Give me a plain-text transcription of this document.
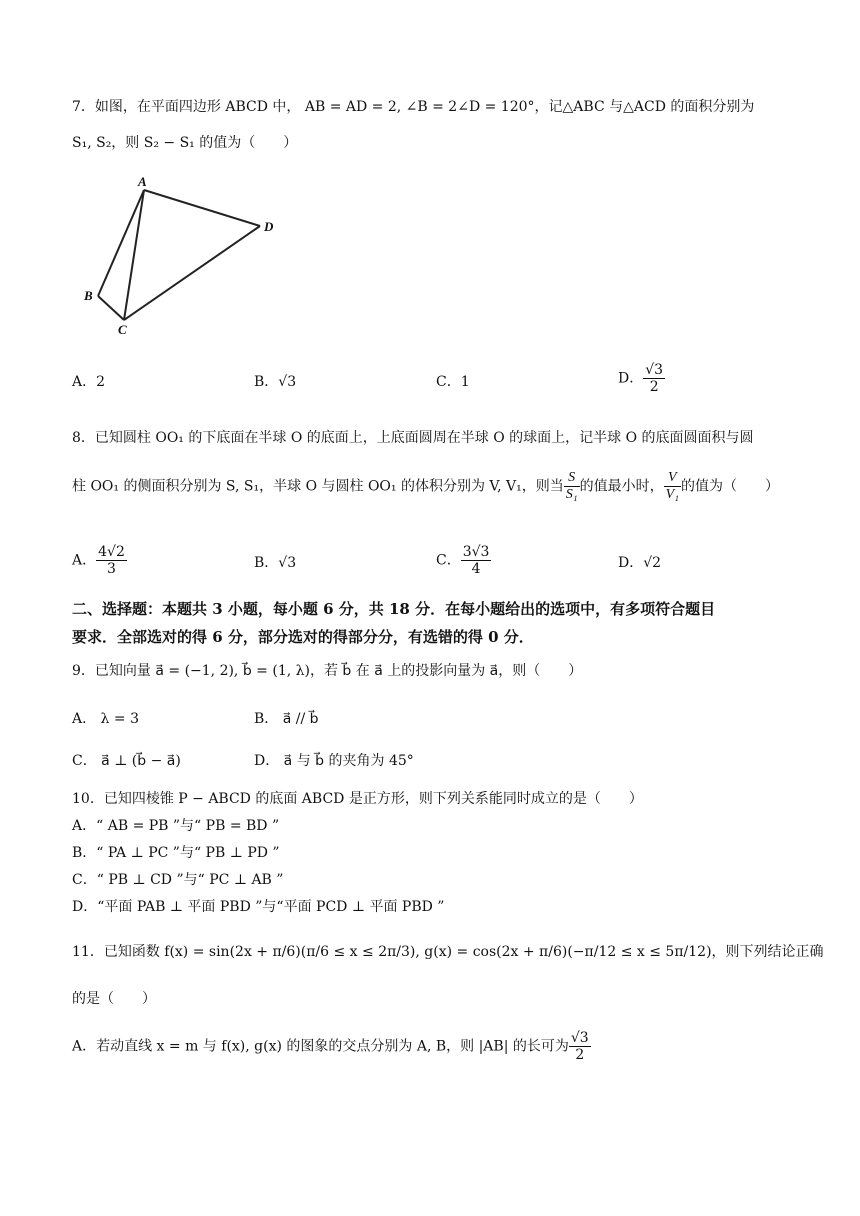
7．如图，在平面四边形 ABCD 中， AB = AD = 2, ∠B = 2∠D = 120°，记△ABC 与△ACD 的面积分别为
S₁, S₂，则 S₂ − S₁ 的值为（　　）
A
B
C
D
A．2	B．√3	C．1	D． $\frac{√3}{2}$
8．已知圆柱 OO₁ 的下底面在半球 O 的底面上，上底面圆周在半球 O 的球面上，记半球 O 的底面圆面积与圆
柱 OO₁ 的侧面积分别为 S, S₁，半球 O 与圆柱 OO₁ 的体积分别为 V, V₁，则当 $\frac{S}{\text{S₁}}$ 的值最小时， $\frac{V}{\text{V₁}}$ 的值为（　　）
A． $\frac{4√2}{3}$	B．√3	C． $\frac{3√3}{4}$	D．√2
二、选择题：本题共 3 小题，每小题 6 分，共 18 分．在每小题给出的选项中，有多项符合题目
要求．全部选对的得 6 分，部分选对的得部分分，有选错的得 0 分．
9．已知向量 a⃗ = (−1, 2), b⃗ = (1, λ)，若 b⃗ 在 a⃗ 上的投影向量为 a⃗，则（　　）
A． λ = 3	B． a⃗ // b⃗
C． a⃗ ⊥ (b⃗ − a⃗)	D． a⃗ 与 b⃗ 的夹角为 45°
10．已知四棱锥 P − ABCD 的底面 ABCD 是正方形，则下列关系能同时成立的是（　　）
A．“ AB = PB ”与“ PB = BD ”
B．“ PA ⊥ PC ”与“ PB ⊥ PD ”
C．“ PB ⊥ CD ”与“ PC ⊥ AB ”
D．“平面 PAB ⊥ 平面 PBD ”与“平面 PCD ⊥ 平面 PBD ”
11．已知函数 f(x) = sin(2x + π/6)(π/6 ≤ x ≤ 2π/3), g(x) = cos(2x + π/6)(−π/12 ≤ x ≤ 5π/12)，则下列结论正确
的是（　　）
A．若动直线 x = m 与 f(x), g(x) 的图象的交点分别为 A, B，则 |AB| 的长可为 $\frac{√3}{2}$
